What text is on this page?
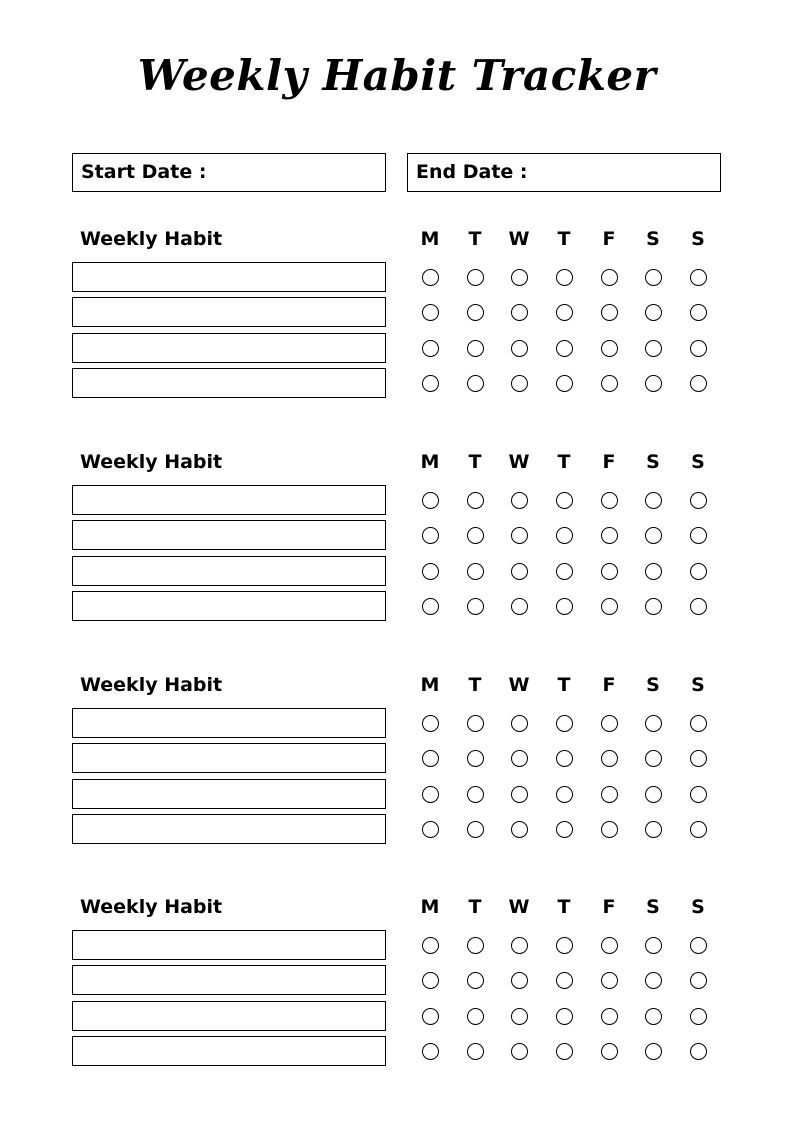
Weekly Habit Tracker
Start Date :	End Date :
Weekly Habit	M	T	W	T	F	S	S
Weekly Habit	M	T	W	T	F	S	S
Weekly Habit	M	T	W	T	F	S	S
Weekly Habit	M	T	W	T	F	S	S
